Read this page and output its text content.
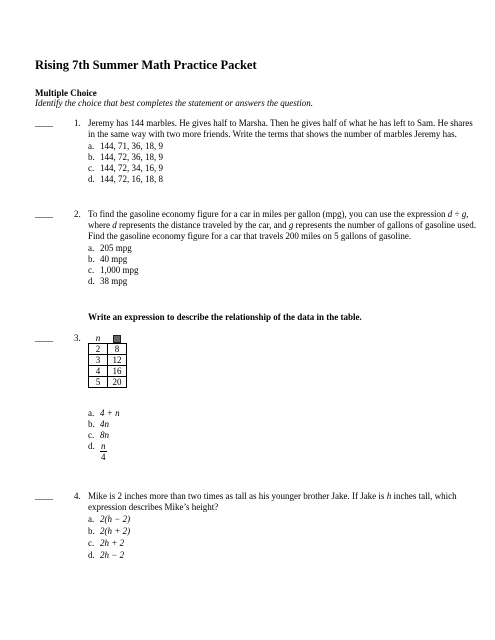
Rising 7th Summer Math Practice Packet
Multiple Choice
Identify the choice that best completes the statement or answers the question.
____ 1. Jeremy has 144 marbles. He gives half to Marsha. Then he gives half of what he has left to Sam. He shares in the same way with two more friends. Write the terms that shows the number of marbles Jeremy has.
a. 144, 71, 36, 18, 9
b. 144, 72, 36, 18, 9
c. 144, 72, 34, 16, 9
d. 144, 72, 16, 18, 8
____ 2. To find the gasoline economy figure for a car in miles per gallon (mpg), you can use the expression d ÷ g, where d represents the distance traveled by the car, and g represents the number of gallons of gasoline used. Find the gasoline economy figure for a car that travels 200 miles on 5 gallons of gasoline.
a. 205 mpg
b. 40 mpg
c. 1,000 mpg
d. 38 mpg
Write an expression to describe the relationship of the data in the table.
____ 3. n	
2	8
3	12
4	16
5	20
a. 4 + n
b. 4n
c. 8n
d. $\frac{n}{4}$
____ 4. Mike is 2 inches more than two times as tall as his younger brother Jake. If Jake is h inches tall, which expression describes Mike’s height?
a. 2(h − 2)
b. 2(h + 2)
c. 2h + 2
d. 2h − 2
